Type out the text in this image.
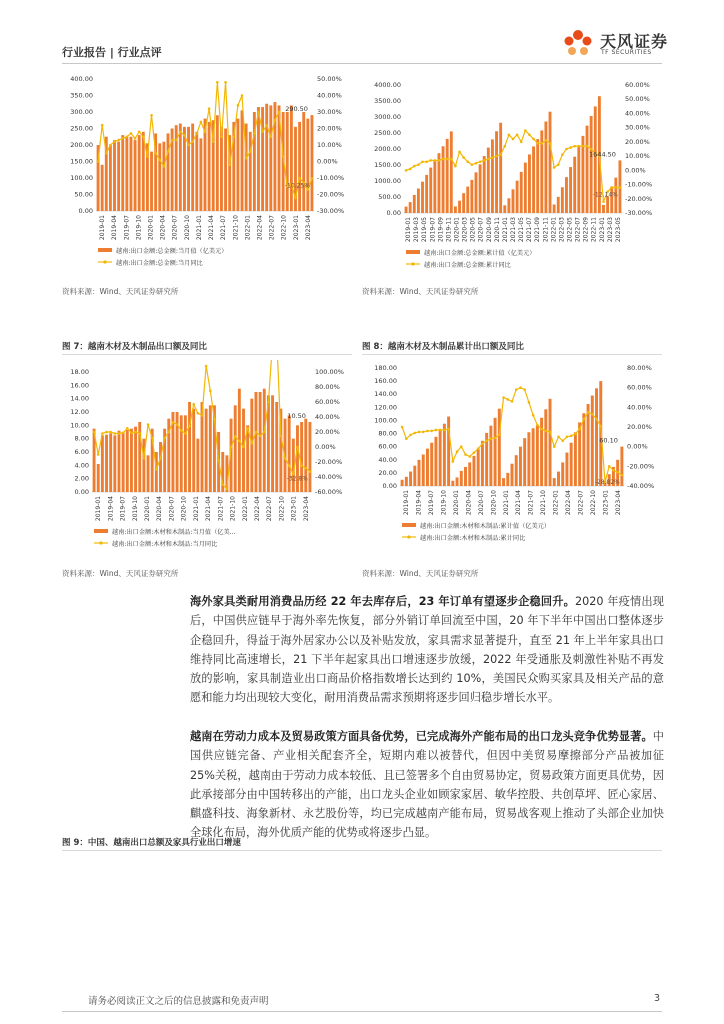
行业报告 | 行业点评
天风证券
TF SECURITIES
400.00
350.00
300.00
250.00
200.00
150.00
100.00
50.00
0.00
50.00%
40.00%
30.00%
20.00%
10.00%
0.00%
-10.00%
-20.00%
-30.00%
290.50
-10.25%
2019-01 2019-04 2019-07 2019-10 2020-01 2020-04 2020-07 2020-10 2021-01 2021-04 2021-07 2021-10 2022-01 2022-04 2022-07 2022-10 2023-01 2023-04
越南:出口金额:总金额:当月值（亿美元）
越南:出口金额:总金额:当月同比
4000.00
3500.00
3000.00
2500.00
2000.00
1500.00
1000.00
500.00
0.00
60.00%
50.00%
40.00%
30.00%
20.00%
10.00%
0.00%
-10.00%
-20.00%
-30.00%
1644.50
-12.14%
2019-01 2019-03 2019-05 2019-07 2019-09 2019-11 2020-01 2020-03 2020-05 2020-07 2020-09 2020-11 2021-01 2021-03 2021-05 2021-07 2021-09 2021-11 2022-01 2022-03 2022-05 2022-07 2022-09 2022-11 2023-01 2023-03 2023-05
越南:出口金额:总金额:累计值（亿美元）
越南:出口金额:总金额:累计同比
资料来源：Wind、天风证券研究所	资料来源：Wind、天风证券研究所
图 7：越南木材及木制品出口额及同比	图 8：越南木材及木制品累计出口额及同比
18.00
16.00
14.00
12.00
10.00
8.00
6.00
4.00
2.00
0.00
100.00%
80.00%
60.00%
40.00%
20.00%
0.00%
-20.00%
-40.00%
-60.00%
10.50
-32.8%
2019-01 2019-04 2019-07 2019-10 2020-01 2020-04 2020-07 2020-10 2021-01 2021-04 2021-07 2021-10 2022-01 2022-04 2022-07 2022-10 2023-01 2023-04
越南:出口金额:木材和木制品:当月值（亿美...
越南:出口金额:木材和木制品:当月同比
180.00
160.00
140.00
120.00
100.00
80.00
60.00
40.00
20.00
0.00
80.00%
60.00%
40.00%
20.00%
0.00%
-20.00%
-40.00%
60.10
-28.82%
2019-01 2019-04 2019-07 2019-10 2020-01 2020-04 2020-07 2020-10 2021-01 2021-04 2021-07 2021-10 2022-01 2022-04 2022-07 2022-10 2023-01 2023-04
越南:出口金额:木材和木制品:累计值（亿美元）
越南:出口金额:木材和木制品:累计同比
资料来源：Wind、天风证券研究所	资料来源：Wind、天风证券研究所
海外家具类耐用消费品历经 22 年去库存后，23 年订单有望逐步企稳回升。2020 年疫情出现后，中国供应链早于海外率先恢复，部分外销订单回流至中国，20 年下半年中国出口整体逐步企稳回升，得益于海外居家办公以及补贴发放，家具需求显著提升，直至 21 年上半年家具出口维持同比高速增长，21 下半年起家具出口增速逐步放缓，2022 年受通胀及刺激性补贴不再发放的影响，家具制造业出口商品价格指数增长达到约 10%，美国民众购买家具及相关产品的意愿和能力均出现较大变化，耐用消费品需求预期将逐步回归稳步增长水平。
越南在劳动力成本及贸易政策方面具备优势，已完成海外产能布局的出口龙头竞争优势显著。中国供应链完备、产业相关配套齐全，短期内难以被替代，但因中美贸易摩擦部分产品被加征 25%关税，越南由于劳动力成本较低、且已签署多个自由贸易协定，贸易政策方面更具优势，因此承接部分由中国转移出的产能，出口龙头企业如顾家家居、敏华控股、共创草坪、匠心家居、麒盛科技、海象新材、永艺股份等，均已完成越南产能布局，贸易战客观上推动了头部企业加快全球化布局，海外优质产能的优势或将逐步凸显。
图 9：中国、越南出口总额及家具行业出口增速
请务必阅读正文之后的信息披露和免责声明	3
